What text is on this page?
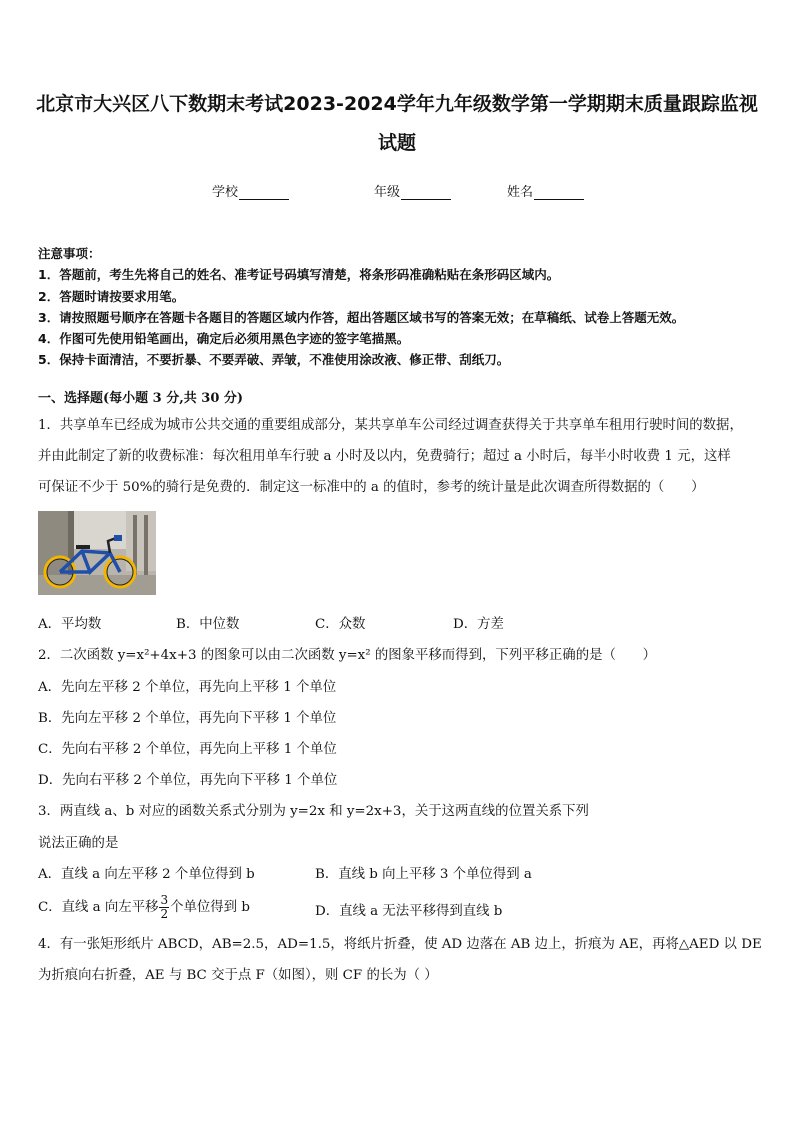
北京市大兴区八下数期末考试2023-2024学年九年级数学第一学期期末质量跟踪监视
试题
学校	年级	姓名
注意事项：
1．答题前，考生先将自己的姓名、准考证号码填写清楚，将条形码准确粘贴在条形码区域内。
2．答题时请按要求用笔。
3．请按照题号顺序在答题卡各题目的答题区域内作答，超出答题区域书写的答案无效；在草稿纸、试卷上答题无效。
4．作图可先使用铅笔画出，确定后必须用黑色字迹的签字笔描黑。
5．保持卡面清洁，不要折暴、不要弄破、弄皱，不准使用涂改液、修正带、刮纸刀。
一、选择题(每小题 3 分,共 30 分)
1．共享单车已经成为城市公共交通的重要组成部分，某共享单车公司经过调查获得关于共享单车租用行驶时间的数据，
并由此制定了新的收费标准：每次租用单车行驶 a 小时及以内，免费骑行；超过 a 小时后，每半小时收费 1 元，这样
可保证不少于 50%的骑行是免费的．制定这一标准中的 a 的值时，参考的统计量是此次调查所得数据的（　　）
A．平均数	B．中位数	C．众数	D．方差
2．二次函数 y=x²+4x+3 的图象可以由二次函数 y=x² 的图象平移而得到，下列平移正确的是（　　）
A．先向左平移 2 个单位，再先向上平移 1 个单位
B．先向左平移 2 个单位，再先向下平移 1 个单位
C．先向右平移 2 个单位，再先向上平移 1 个单位
D．先向右平移 2 个单位，再先向下平移 1 个单位
3．两直线 a、b 对应的函数关系式分别为 y=2x 和 y=2x+3，关于这两直线的位置关系下列
说法正确的是
A．直线 a 向左平移 2 个单位得到 b	B．直线 b 向上平移 3 个单位得到 a
C．直线 a 向左平移 $\frac{3}{2}$ 个单位得到 b	D．直线 a 无法平移得到直线 b
4．有一张矩形纸片 ABCD，AB=2.5，AD=1.5，将纸片折叠，使 AD 边落在 AB 边上，折痕为 AE，再将△AED 以 DE
为折痕向右折叠，AE 与 BC 交于点 F（如图），则 CF 的长为（ ）
